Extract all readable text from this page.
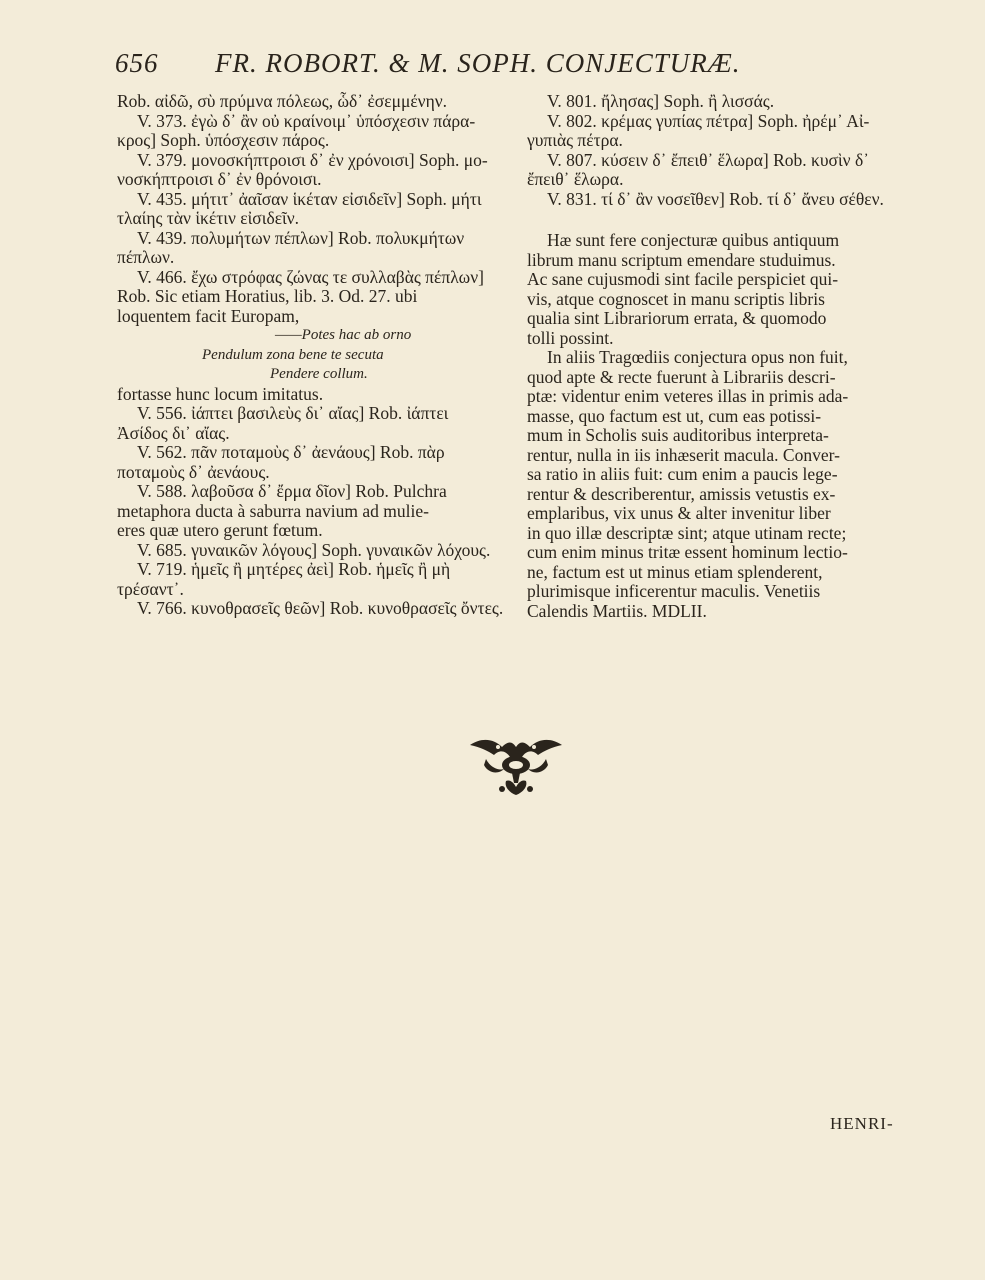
656 FR. ROBORT. & M. SOPH. CONJECTURÆ.
Rob. αἰδῶ, σὺ πρύμνα πόλεως, ὧδ᾽ ἐσεμμένην.
V. 373. ἐγὼ δ᾽ ἂν οὐ κραίνοιμ᾽ ὑπόσχεσιν πάρα-
κρος] Soph. ὑπόσχεσιν πάρος.
V. 379. μονοσκήπτροισι δ᾽ ἐν χρόνοισι] Soph. μο-
νοσκήπτροισι δ᾽ ἐν θρόνοισι.
V. 435. μήτιτ᾽ ἀαῖσαν ἱκέταν εἰσιδεῖν] Soph. μήτι
τλαίης τὰν ἱκέτιν εἰσιδεῖν.
V. 439. πολυμήτων πέπλων] Rob. πολυκμήτων
πέπλων.
V. 466. ἔχω στρόφας ζώνας τε συλλαβὰς πέπλων]
Rob. Sic etiam Horatius, lib. 3. Od. 27. ubi
loquentem facit Europam,
——Potes hac ab orno
Pendulum zona bene te secuta
Pendere collum.
fortasse hunc locum imitatus.
V. 556. ἰάπτει βασιλεὺς δι᾽ αἴας] Rob. ἰάπτει
Ἀσίδος δι᾽ αἴας.
V. 562. πᾶν ποταμοὺς δ᾽ ἀενάους] Rob. πὰρ
ποταμοὺς δ᾽ ἀενάους.
V. 588. λαβοῦσα δ᾽ ἔρμα δῖον] Rob. Pulchra
metaphora ducta à saburra navium ad mulie-
eres quæ utero gerunt fœtum.
V. 685. γυναικῶν λόγους] Soph. γυναικῶν λόχους.
V. 719. ἡμεῖς ἢ μητέρες ἀεὶ] Rob. ἡμεῖς ἢ μὴ
τρέσαντ᾽.
V. 766. κυνοθρασεῖς θεῶν] Rob. κυνοθρασεῖς ὄντες.
V. 801. ἤλησας] Soph. ἢ λισσάς.
V. 802. κρέμας γυπίας πέτρα] Soph. ἠρέμ᾽ Αἰ-
γυπιὰς πέτρα.
V. 807. κύσειν δ᾽ ἔπειθ᾽ ἕλωρα] Rob. κυσὶν δ᾽
ἔπειθ᾽ ἕλωρα.
V. 831. τί δ᾽ ἂν νοσεῖθεν] Rob. τί δ᾽ ἄνευ σέθεν.
Hæ sunt fere conjecturæ quibus antiquum
librum manu scriptum emendare studuimus.
Ac sane cujusmodi sint facile perspiciet qui-
vis, atque cognoscet in manu scriptis libris
qualia sint Librariorum errata, & quomodo
tolli possint.
In aliis Tragœdiis conjectura opus non fuit,
quod apte & recte fuerunt à Librariis descri-
ptæ: videntur enim veteres illas in primis ada-
masse, quo factum est ut, cum eas potissi-
mum in Scholis suis auditoribus interpreta-
rentur, nulla in iis inhæserit macula. Conver-
sa ratio in aliis fuit: cum enim a paucis lege-
rentur & describerentur, amissis vetustis ex-
emplaribus, vix unus & alter invenitur liber
in quo illæ descriptæ sint; atque utinam recte;
cum enim minus tritæ essent hominum lectio-
ne, factum est ut minus etiam splenderent,
plurimisque inficerentur maculis. Venetiis
Calendis Martiis. MDLII.
HENRI-
